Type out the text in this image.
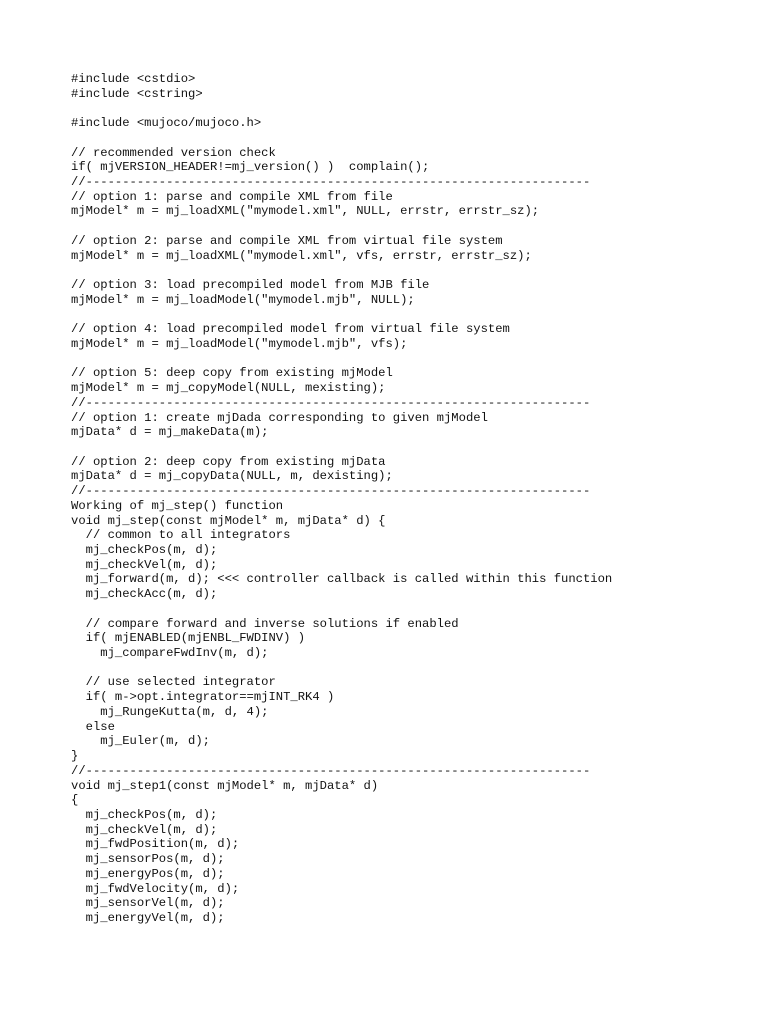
#include <cstdio>
#include <cstring>
#include <mujoco/mujoco.h>
// recommended version check
if( mjVERSION_HEADER!=mj_version() )  complain();
//---------------------------------------------------------------------
// option 1: parse and compile XML from file
mjModel* m = mj_loadXML("mymodel.xml", NULL, errstr, errstr_sz);
// option 2: parse and compile XML from virtual file system
mjModel* m = mj_loadXML("mymodel.xml", vfs, errstr, errstr_sz);
// option 3: load precompiled model from MJB file
mjModel* m = mj_loadModel("mymodel.mjb", NULL);
// option 4: load precompiled model from virtual file system
mjModel* m = mj_loadModel("mymodel.mjb", vfs);
// option 5: deep copy from existing mjModel
mjModel* m = mj_copyModel(NULL, mexisting);
//---------------------------------------------------------------------
// option 1: create mjDada corresponding to given mjModel
mjData* d = mj_makeData(m);
// option 2: deep copy from existing mjData
mjData* d = mj_copyData(NULL, m, dexisting);
//---------------------------------------------------------------------
Working of mj_step() function
void mj_step(const mjModel* m, mjData* d) {
// common to all integrators
mj_checkPos(m, d);
mj_checkVel(m, d);
mj_forward(m, d); <<< controller callback is called within this function
mj_checkAcc(m, d);
// compare forward and inverse solutions if enabled
if( mjENABLED(mjENBL_FWDINV) )
mj_compareFwdInv(m, d);
// use selected integrator
if( m->opt.integrator==mjINT_RK4 )
mj_RungeKutta(m, d, 4);
else
mj_Euler(m, d);
}
//---------------------------------------------------------------------
void mj_step1(const mjModel* m, mjData* d)
{
mj_checkPos(m, d);
mj_checkVel(m, d);
mj_fwdPosition(m, d);
mj_sensorPos(m, d);
mj_energyPos(m, d);
mj_fwdVelocity(m, d);
mj_sensorVel(m, d);
mj_energyVel(m, d);
